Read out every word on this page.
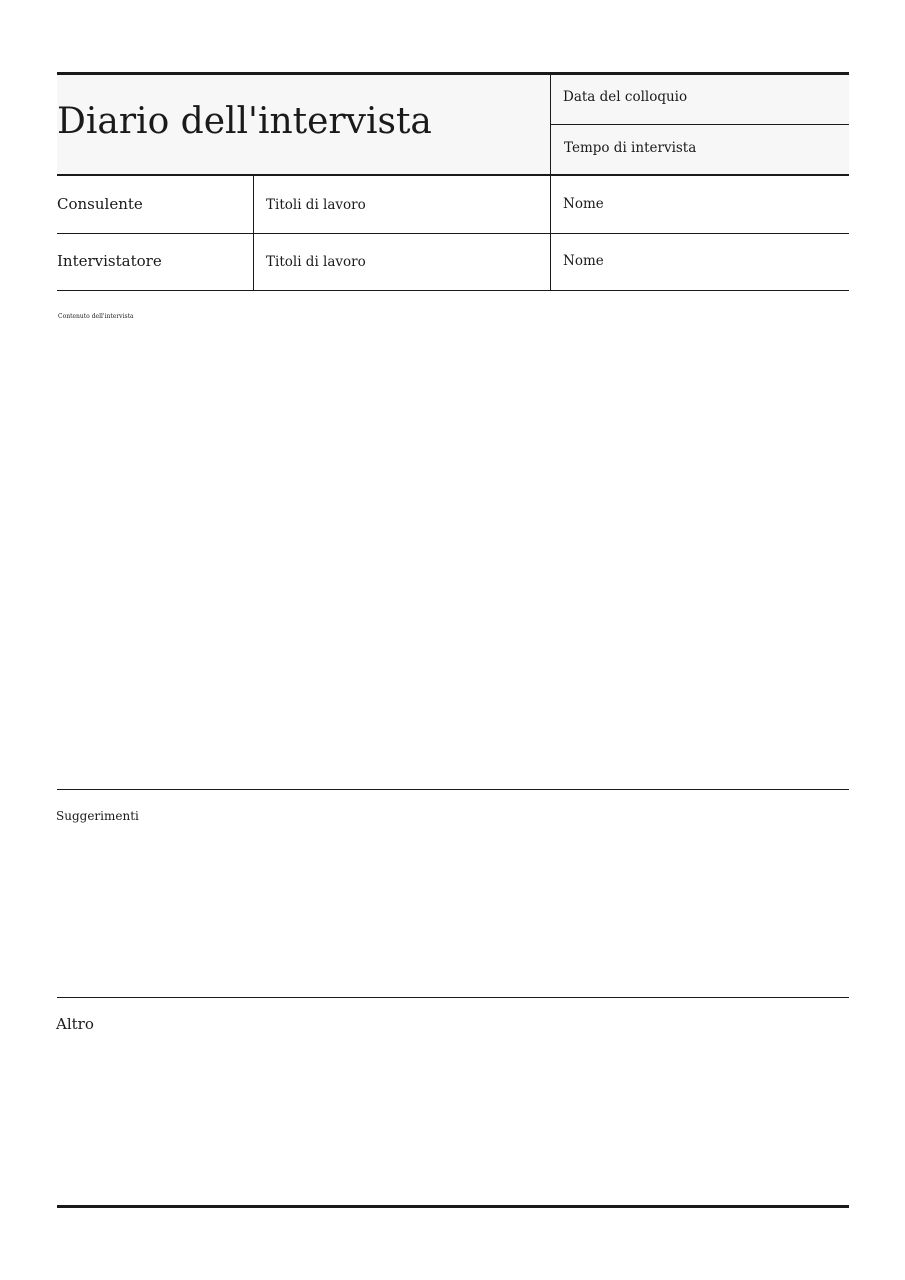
Diario dell'intervista
Data del colloquio
Tempo di intervista
Consulente	Titoli di lavoro	Nome
Intervistatore	Titoli di lavoro	Nome
Contenuto dell'intervista
Suggerimenti
Altro
